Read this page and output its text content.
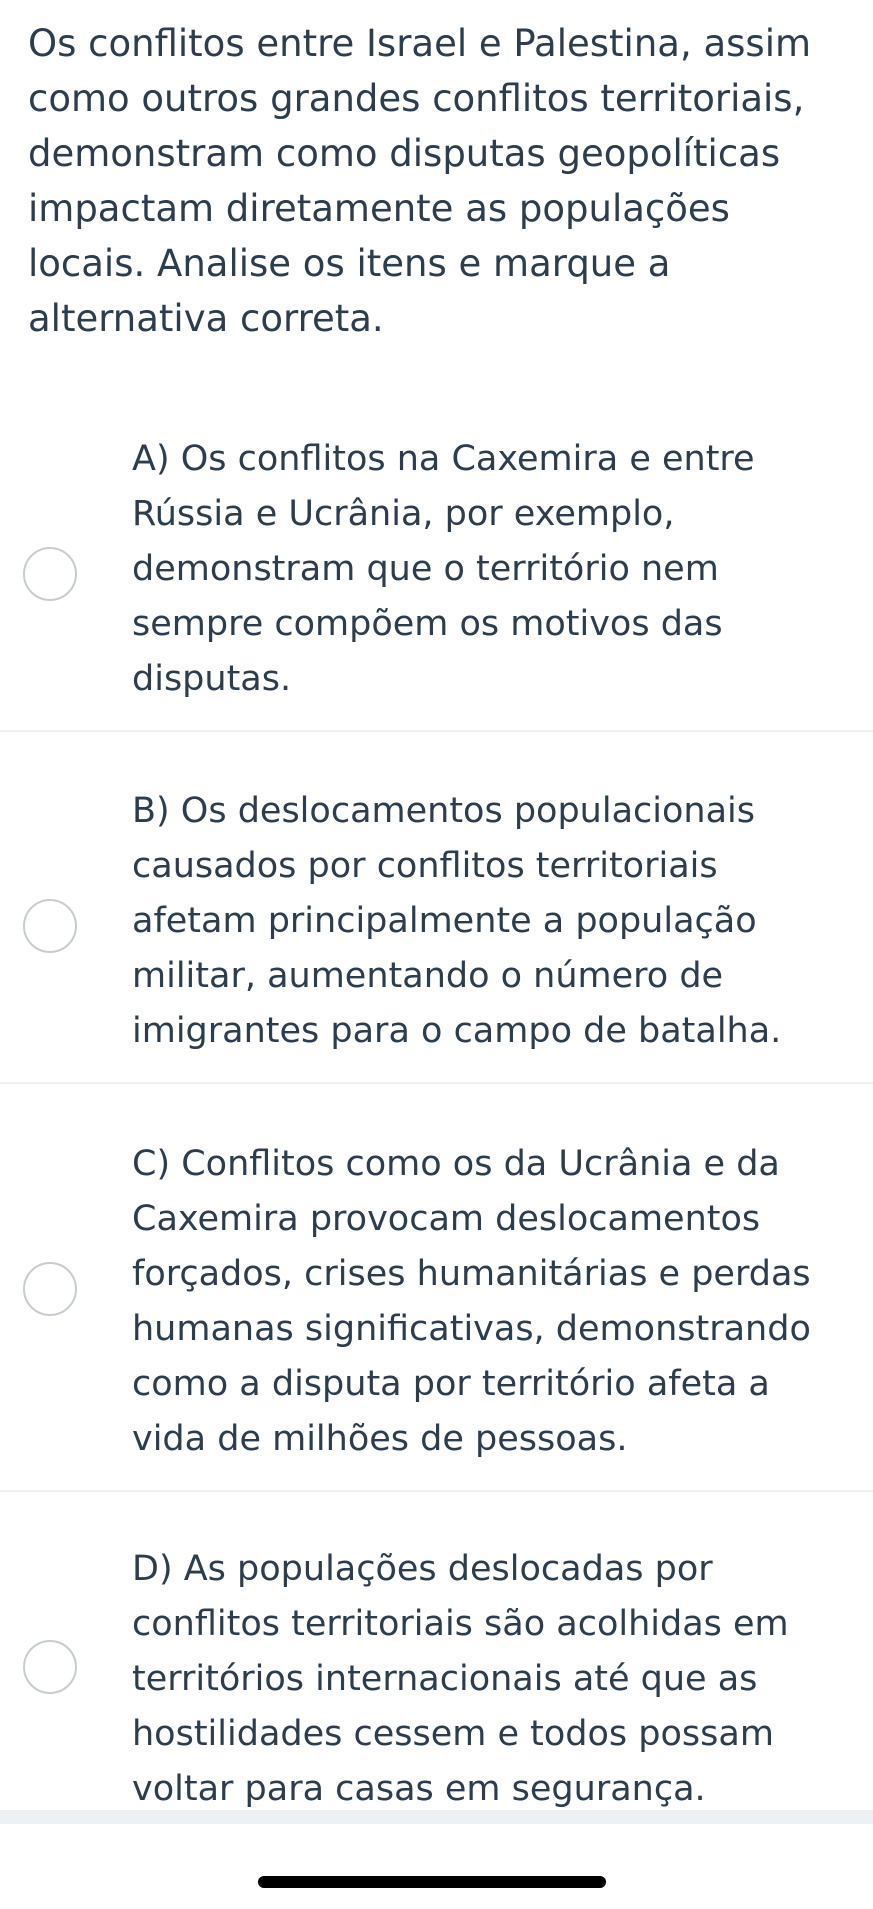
Os conflitos entre Israel e Palestina, assim como outros grandes conflitos territoriais, demonstram como disputas geopolíticas impactam diretamente as populações locais. Analise os itens e marque a alternativa correta.
A) Os conflitos na Caxemira e entre Rússia e Ucrânia, por exemplo, demonstram que o território nem sempre compõem os motivos das disputas.
B) Os deslocamentos populacionais causados por conflitos territoriais afetam principalmente a população militar, aumentando o número de imigrantes para o campo de batalha.
C) Conflitos como os da Ucrânia e da Caxemira provocam deslocamentos forçados, crises humanitárias e perdas humanas significativas, demonstrando como a disputa por território afeta a vida de milhões de pessoas.
D) As populações deslocadas por conflitos territoriais são acolhidas em territórios internacionais até que as hostilidades cessem e todos possam voltar para casas em segurança.
